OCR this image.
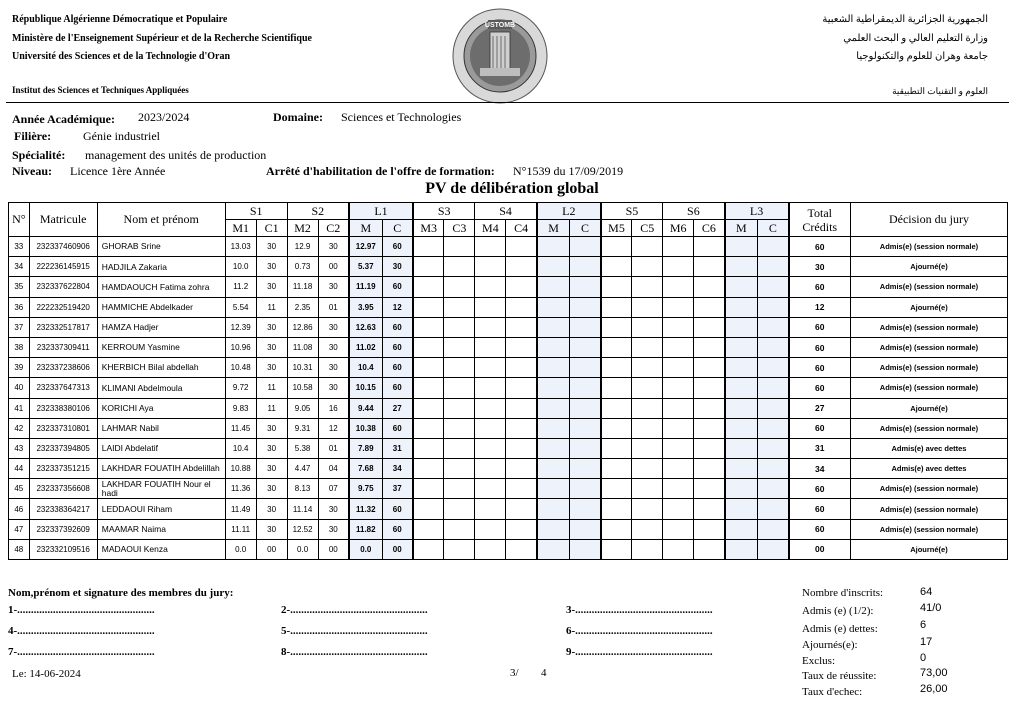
République Algérienne Démocratique et Populaire
Ministère de l'Enseignement Supérieur et de la Recherche Scientifique
Université des Sciences et de la Technologie d'Oran
Institut des Sciences et Techniques Appliquées
USTOMB
الجمهورية الجزائرية الديمقراطية الشعبية
وزارة التعليم العالي و البحث العلمي
جامعة وهران للعلوم والتكنولوجيا
العلوم و التقنيات التطبيقية
Année Académique: 2023/2024	Domaine: Sciences et Technologies
Filière:	Génie industriel
Spécialité: management des unités de production
Niveau: Licence 1ère Année	Arrêté d'habilitation de l'offre de formation: N°1539 du 17/09/2019
PV de délibération global
N°	Matricule	Nom et prénom	S1		S2		L1		S3		S4		L2		S5		S6		L3		Total Crédits	Décision du jury
			M1	C1	M2	C2	M	C	M3	C3	M4	C4	M	C	M5	C5	M6	C6	M	C		
33	232337460906	GHORAB Srine	13.03	30	12.9	30	12.97	60													60	Admis(e) (session normale)
34	222236145915	HADJILA Zakaria	10.0	30	0.73	00	5.37	30													30	Ajourné(e)
35	232337622804	HAMDAOUCH Fatima zohra	11.2	30	11.18	30	11.19	60													60	Admis(e) (session normale)
36	222232519420	HAMMICHE Abdelkader	5.54	11	2.35	01	3.95	12													12	Ajourné(e)
37	232332517817	HAMZA Hadjer	12.39	30	12.86	30	12.63	60													60	Admis(e) (session normale)
38	232337309411	KERROUM Yasmine	10.96	30	11.08	30	11.02	60													60	Admis(e) (session normale)
39	232337238606	KHERBICH Bilal abdellah	10.48	30	10.31	30	10.4	60													60	Admis(e) (session normale)
40	232337647313	KLIMANI Abdelmoula	9.72	11	10.58	30	10.15	60													60	Admis(e) (session normale)
41	232338380106	KORICHI Aya	9.83	11	9.05	16	9.44	27													27	Ajourné(e)
42	232337310801	LAHMAR Nabil	11.45	30	9.31	12	10.38	60													60	Admis(e) (session normale)
43	232337394805	LAIDI Abdelatif	10.4	30	5.38	01	7.89	31													31	Admis(e) avec dettes
44	232337351215	LAKHDAR FOUATIH Abdelillah	10.88	30	4.47	04	7.68	34													34	Admis(e) avec dettes
45	232337356608	LAKHDAR FOUATIH Nour el hadi	11.36	30	8.13	07	9.75	37													60	Admis(e) (session normale)
46	232338364217	LEDDAOUI Riham	11.49	30	11.14	30	11.32	60													60	Admis(e) (session normale)
47	232337392609	MAAMAR Naima	11.11	30	12.52	30	11.82	60													60	Admis(e) (session normale)
48	232332109516	MADAOUI Kenza	0.0	00	0.0	00	0.0	00													00	Ajourné(e)
Nom,prénom et signature des membres du jury:
1-..................................................	2-..................................................	3-..................................................
4-..................................................	5-..................................................	6-..................................................
7-..................................................	8-..................................................	9-..................................................
Le: 14-06-2024	3/ 4
Nombre d'inscrits:	64
Admis (e) (1/2):	41/0
Admis (e) dettes:	6
Ajournés(e):	17
Exclus:	0
Taux de réussite:	73,00
Taux d'echec:	26,00
